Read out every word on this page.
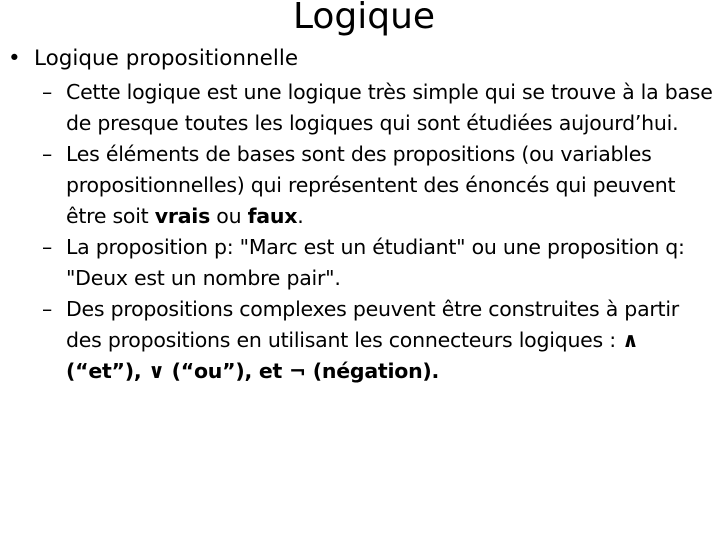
Logique
• Logique propositionnelle
– Cette logique est une logique très simple qui se trouve à la base de presque toutes les logiques qui sont étudiées aujourd’hui.
– Les éléments de bases sont des propositions (ou variables propositionnelles) qui représentent des énoncés qui peuvent être soit vrais ou faux.
– La proposition p: "Marc est un étudiant" ou une proposition q: "Deux est un nombre pair".
– Des propositions complexes peuvent être construites à partir des propositions en utilisant les connecteurs logiques : ∧ (“et”), ∨ (“ou”), et ¬ (négation).
